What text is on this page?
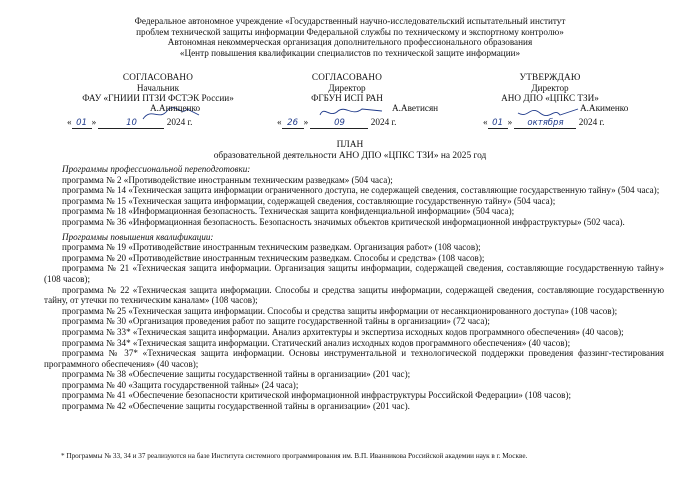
Федеральное автономное учреждение «Государственный научно-исследовательский испытательный институт
проблем технической защиты информации Федеральной службы по техническому и экспортному контролю»
Автономная некоммерческая организация дополнительного профессионального образования
«Центр повышения квалификации специалистов по технической защите информации»
СОГЛАСОВАНО
Начальник
ФАУ «ГНИИИ ПТЗИ ФСТЭК России»
А.Анищенко
« 01 »	10	2024 г.
СОГЛАСОВАНО
Директор
ФГБУН ИСП РАН
А.Аветисян
« 26 »	09	2024 г.
УТВЕРЖДАЮ
Директор
АНО ДПО «ЦПКС ТЗИ»
А.Акименко
« 01 » октября 2024 г.
ПЛАН
образовательной деятельности АНО ДПО «ЦПКС ТЗИ» на 2025 год
Программы профессиональной переподготовки:

программа № 2 «Противодействие иностранным техническим разведкам» (504 часа);

программа № 14 «Техническая защита информации ограниченного доступа, не содержащей сведения, составляющие государственную тайну» (504 часа);

программа № 15 «Техническая защита информации, содержащей сведения, составляющие государственную тайну» (504 часа);

программа № 18 «Информационная безопасность. Техническая защита конфиденциальной информации» (504 часа);

программа № 36 «Информационная безопасность. Безопасность значимых объектов критической информационной инфраструктуры» (502 часа).

Программы повышения квалификации:

программа № 19 «Противодействие иностранным техническим разведкам. Организация работ» (108 часов);

программа № 20 «Противодействие иностранным техническим разведкам. Способы и средства» (108 часов);

программа № 21 «Техническая защита информации. Организация защиты информации, содержащей сведения, составляющие государственную тайну» (108 часов);

программа № 22 «Техническая защита информации. Способы и средства защиты информации, содержащей сведения, составляющие государственную тайну, от утечки по техническим каналам» (108 часов);

программа № 25 «Техническая защита информации. Способы и средства защиты информации от несанкционированного доступа» (108 часов);

программа № 30 «Организация проведения работ по защите государственной тайны в организации» (72 часа);

программа № 33* «Техническая защита информации. Анализ архитектуры и экспертиза исходных кодов программного обеспечения» (40 часов);

программа № 34* «Техническая защита информации. Статический анализ исходных кодов программного обеспечения» (40 часов);

программа № 37* «Техническая защита информации. Основы инструментальной и технологической поддержки проведения фаззинг-тестирования программного обеспечения» (40 часов);

программа № 38 «Обеспечение защиты государственной тайны в организации» (201 час);

программа № 40 «Защита государственной тайны» (24 часа);

программа № 41 «Обеспечение безопасности критической информационной инфраструктуры Российской Федерации» (108 часов);

программа № 42 «Обеспечение защиты государственной тайны в организации» (201 час).

* Программы № 33, 34 и 37 реализуются на базе Института системного программирования им. В.П. Иванникова Российской академии наук в г. Москве.
